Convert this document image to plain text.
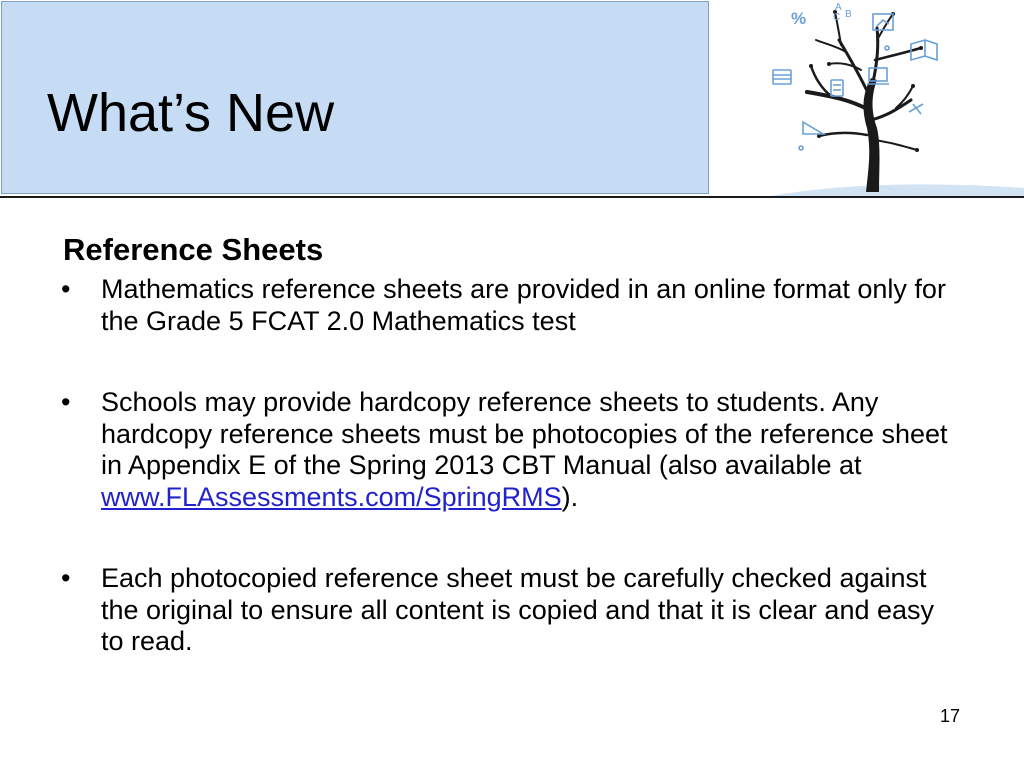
What’s New
%
A
C B
Reference Sheets
• Mathematics reference sheets are provided in an online format only for the Grade 5 FCAT 2.0 Mathematics test
• Schools may provide hardcopy reference sheets to students. Any hardcopy reference sheets must be photocopies of the reference sheet in Appendix E of the Spring 2013 CBT Manual (also available at www.FLAssessments.com/SpringRMS).
• Each photocopied reference sheet must be carefully checked against the original to ensure all content is copied and that it is clear and easy to read.
17
